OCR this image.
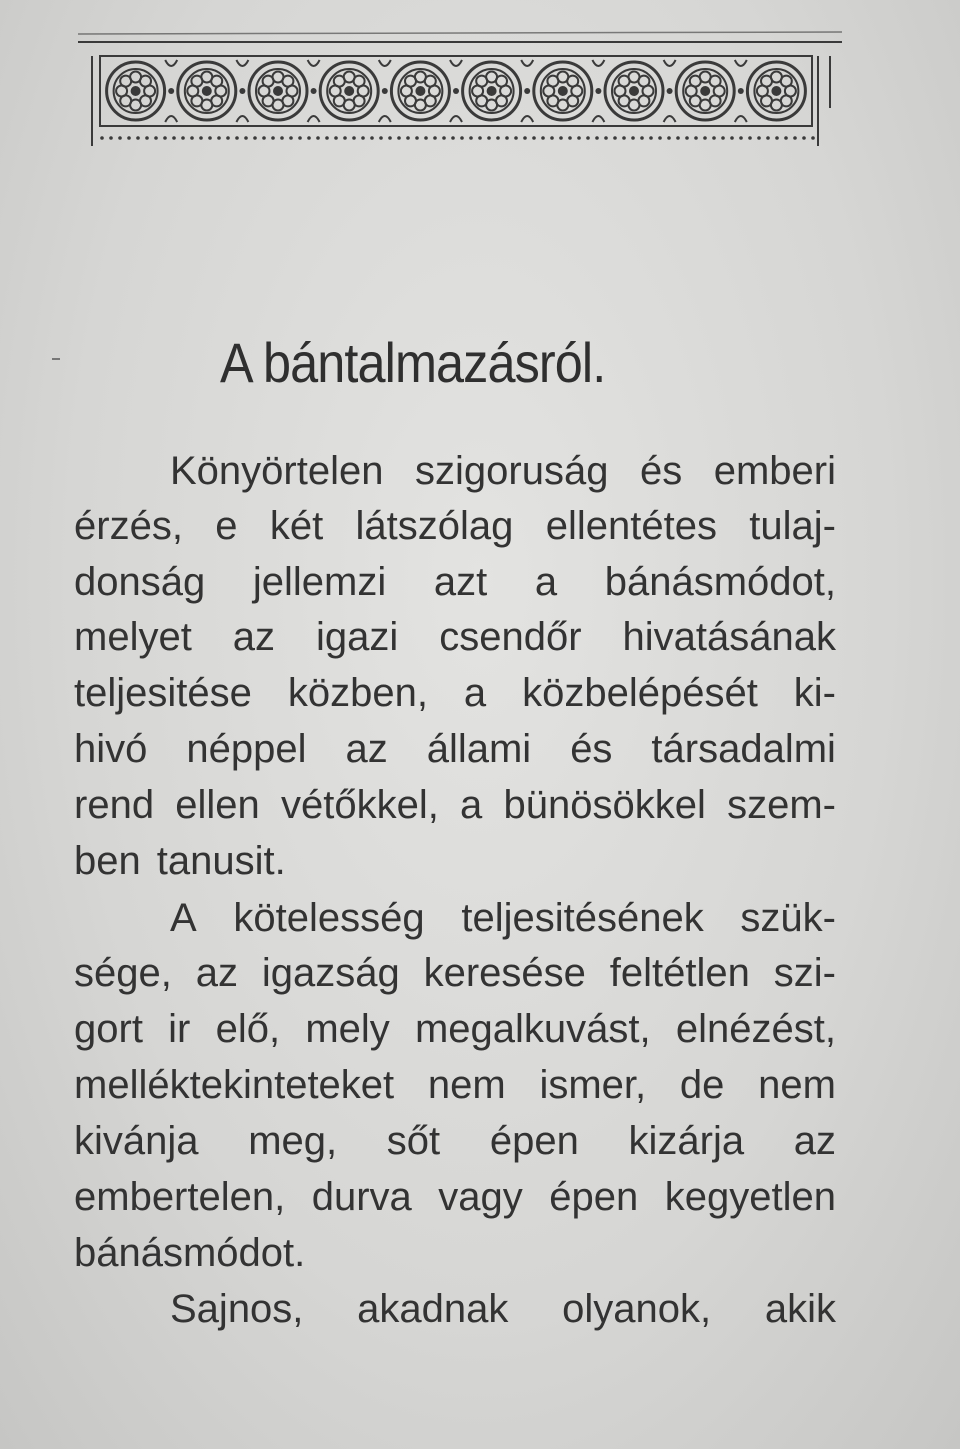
A bántalmazásról.
Könyörtelen szigoruság és emberi
érzés, e két látszólag ellentétes tulaj-
donság jellemzi azt a bánásmódot,
melyet az igazi csendőr hivatásának
teljesitése közben, a közbelépését ki-
hivó néppel az állami és társadalmi
rend ellen vétőkkel, a bünösökkel szem-
ben tanusit.
A kötelesség teljesitésének szük-
sége, az igazság keresése feltétlen szi-
gort ir elő, mely megalkuvást, elnézést,
melléktekinteteket nem ismer, de nem
kivánja meg, sőt épen kizárja az
embertelen, durva vagy épen kegyetlen
bánásmódot.
Sajnos, akadnak olyanok, akik
